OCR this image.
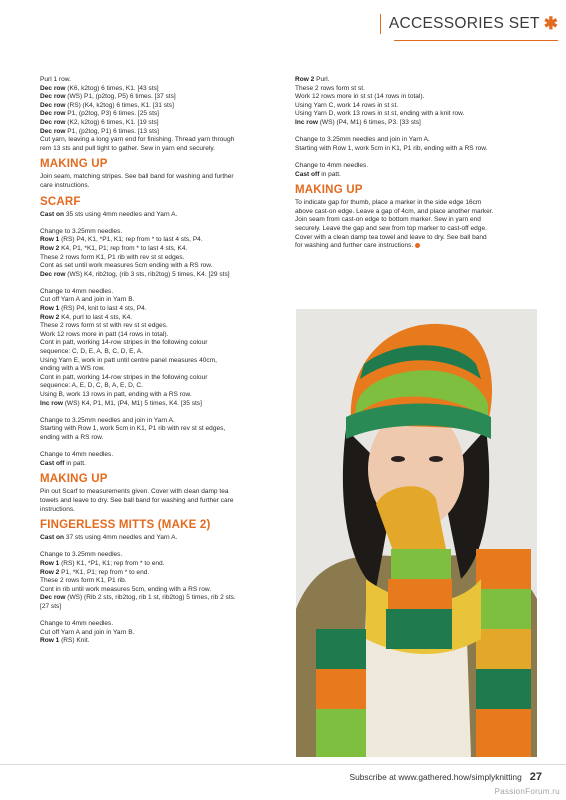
ACCESSORIES SET ✱

Purl 1 row.

Dec row (K6, k2tog) 6 times, K1. [43 sts]

Dec row (WS) P1, (p2tog, P5) 6 times. [37 sts]

Dec row (RS) (K4, k2tog) 6 times, K1. [31 sts]

Dec row P1, (p2tog, P3) 6 times. [25 sts]

Dec row (K2, k2tog) 6 times, K1. [19 sts]

Dec row P1, (p2tog, P1) 6 times. [13 sts]

Cut yarn, leaving a long yarn end for finishing. Thread yarn through

rem 13 sts and pull tight to gather. Sew in yarn end securely.

MAKING UP

Join seam, matching stripes. See ball band for washing and further

care instructions.

SCARF

Cast on 35 sts using 4mm needles and Yarn A.

Change to 3.25mm needles.

Row 1 (RS) P4, K1, *P1, K1; rep from * to last 4 sts, P4.

Row 2 K4, P1, *K1, P1; rep from * to last 4 sts, K4.

These 2 rows form K1, P1 rib with rev st st edges.

Cont as set until work measures 5cm ending with a RS row.

Dec row (WS) K4, rib2tog, (rib 3 sts, rib2tog) 5 times, K4. [29 sts]

Change to 4mm needles.

Cut off Yarn A and join in Yarn B.

Row 1 (RS) P4, knit to last 4 sts, P4.

Row 2 K4, purl to last 4 sts, K4.

These 2 rows form st st with rev st st edges.

Work 12 rows more in patt (14 rows in total).

Cont in patt, working 14-row stripes in the following colour

sequence: C, D, E, A, B, C, D, E, A.

Using Yarn E, work in patt until centre panel measures 40cm,

ending with a WS row.

Cont in patt, working 14-row stripes in the following colour

sequence: A, E, D, C, B, A, E, D, C.

Using B, work 13 rows in patt, ending with a RS row.

Inc row (WS) K4, P1, M1, (P4, M1) 5 times, K4. [35 sts]

Change to 3.25mm needles and join in Yarn A.

Starting with Row 1, work 5cm in K1, P1 rib with rev st st edges,

ending with a RS row.

Change to 4mm needles.

Cast off in patt.

MAKING UP

Pin out Scarf to measurements given. Cover with clean damp tea

towels and leave to dry. See ball band for washing and further care

instructions.

FINGERLESS MITTS (MAKE 2)

Cast on 37 sts using 4mm needles and Yarn A.

Change to 3.25mm needles.

Row 1 (RS) K1, *P1, K1; rep from * to end.

Row 2 P1, *K1, P1; rep from * to end.

These 2 rows form K1, P1 rib.

Cont in rib until work measures 5cm, ending with a RS row.

Dec row (WS) (Rib 2 sts, rib2tog, rib 1 st, rib2tog) 5 times, rib 2 sts.

[27 sts]

Change to 4mm needles.

Cut off Yarn A and join in Yarn B.

Row 1 (RS) Knit.

Row 2 Purl.

These 2 rows form st st.

Work 12 rows more in st st (14 rows in total).

Using Yarn C, work 14 rows in st st.

Using Yarn D, work 13 rows in st st, ending with a knit row.

Inc row (WS) (P4, M1) 6 times, P3. [33 sts]

Change to 3.25mm needles and join in Yarn A.

Starting with Row 1, work 5cm in K1, P1 rib, ending with a RS row.

Change to 4mm needles.

Cast off in patt.

MAKING UP

To indicate gap for thumb, place a marker in the side edge 16cm

above cast-on edge. Leave a gap of 4cm, and place another marker.

Join seam from cast-on edge to bottom marker. Sew in yarn end

securely. Leave the gap and sew from top marker to cast-off edge.

Cover with a clean damp tea towel and leave to dry. See ball band

for washing and further care instructions.

Subscribe at www.gathered.how/simplyknitting 27
PassionForum.ru
